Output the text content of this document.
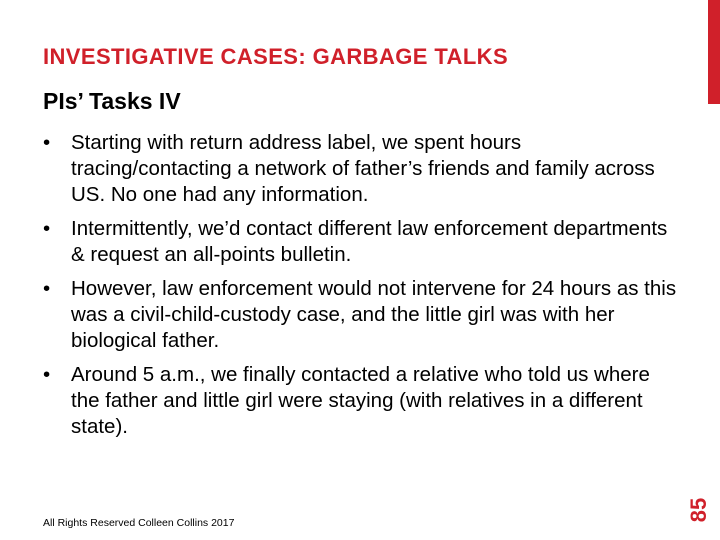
INVESTIGATIVE CASES: GARBAGE TALKS
PIs’ Tasks IV
• Starting with return address label, we spent hours tracing/contacting a network of father’s friends and family across US. No one had any information.
• Intermittently, we’d contact different law enforcement departments & request an all-points bulletin.
• However, law enforcement would not intervene for 24 hours as this was a civil-child-custody case, and the little girl was with her biological father.
• Around 5 a.m., we finally contacted a relative who told us where the father and little girl were staying (with relatives in a different state).
All Rights Reserved Colleen Collins 2017
85
